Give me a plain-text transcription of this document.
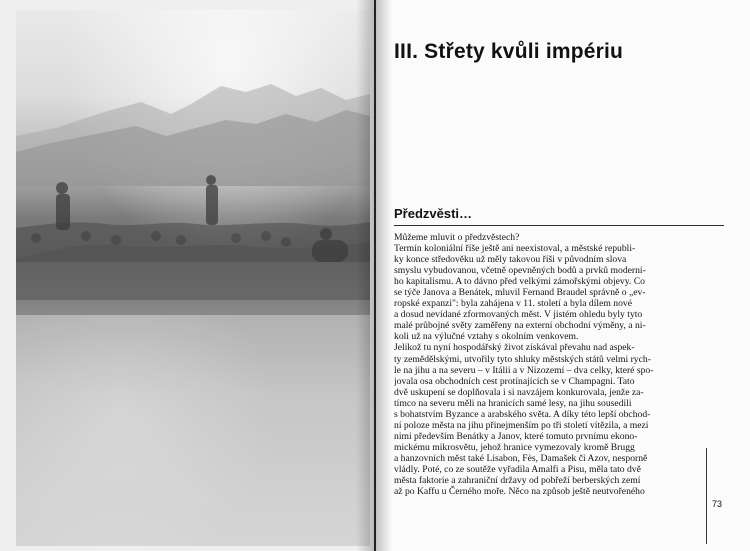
III. Střety kvůli impériu
Předzvěsti…
Můžeme mluvit o předzvěstech?
Termín koloniální říše ještě ani neexistoval, a městské republi-
ky konce středověku už měly takovou říši v původním slova
smyslu vybudovanou, včetně opevněných bodů a prvků moderní-
ho kapitalismu. A to dávno před velkými zámořskými objevy. Co
se týče Janova a Benátek, mluvil Fernand Braudel správně o „ev-
ropské expanzi": byla zahájena v 11. století a byla dílem nové
a dosud nevídané zformovaných měst. V jistém ohledu byly tyto
malé průbojné světy zaměřeny na externí obchodní výměny, a ni-
koli už na výlučné vztahy s okolním venkovem.
Jelikož tu nyní hospodářský život získával převahu nad aspek-
ty zemědělskými, utvořily tyto shluky městských států velmi rych-
le na jihu a na severu – v Itálii a v Nizozemí – dva celky, které spo-
jovala osa obchodních cest protínajících se v Champagni. Tato
dvě uskupení se doplňovala i si navzájem konkurovala, jenže za-
tímco na severu měli na hranicích samé lesy, na jihu sousedili
s bohatstvím Byzance a arabského světa. A díky této lepší obchod-
ní poloze města na jihu přinejmenším po tři století vítězila, a mezi
nimi především Benátky a Janov, které tomuto prvnímu ekono-
mickému mikrosvětu, jehož hranice vymezovaly kromě Brugg
a hanzovních měst také Lisabon, Fès, Damašek či Azov, nesporně
vládly. Poté, co ze soutěže vyřadila Amalfi a Pisu, měla tato dvě
města faktorie a zahraniční državy od pobřeží berberských zemí
až po Kaffu u Černého moře. Něco na způsob ještě neutvořeného
73
